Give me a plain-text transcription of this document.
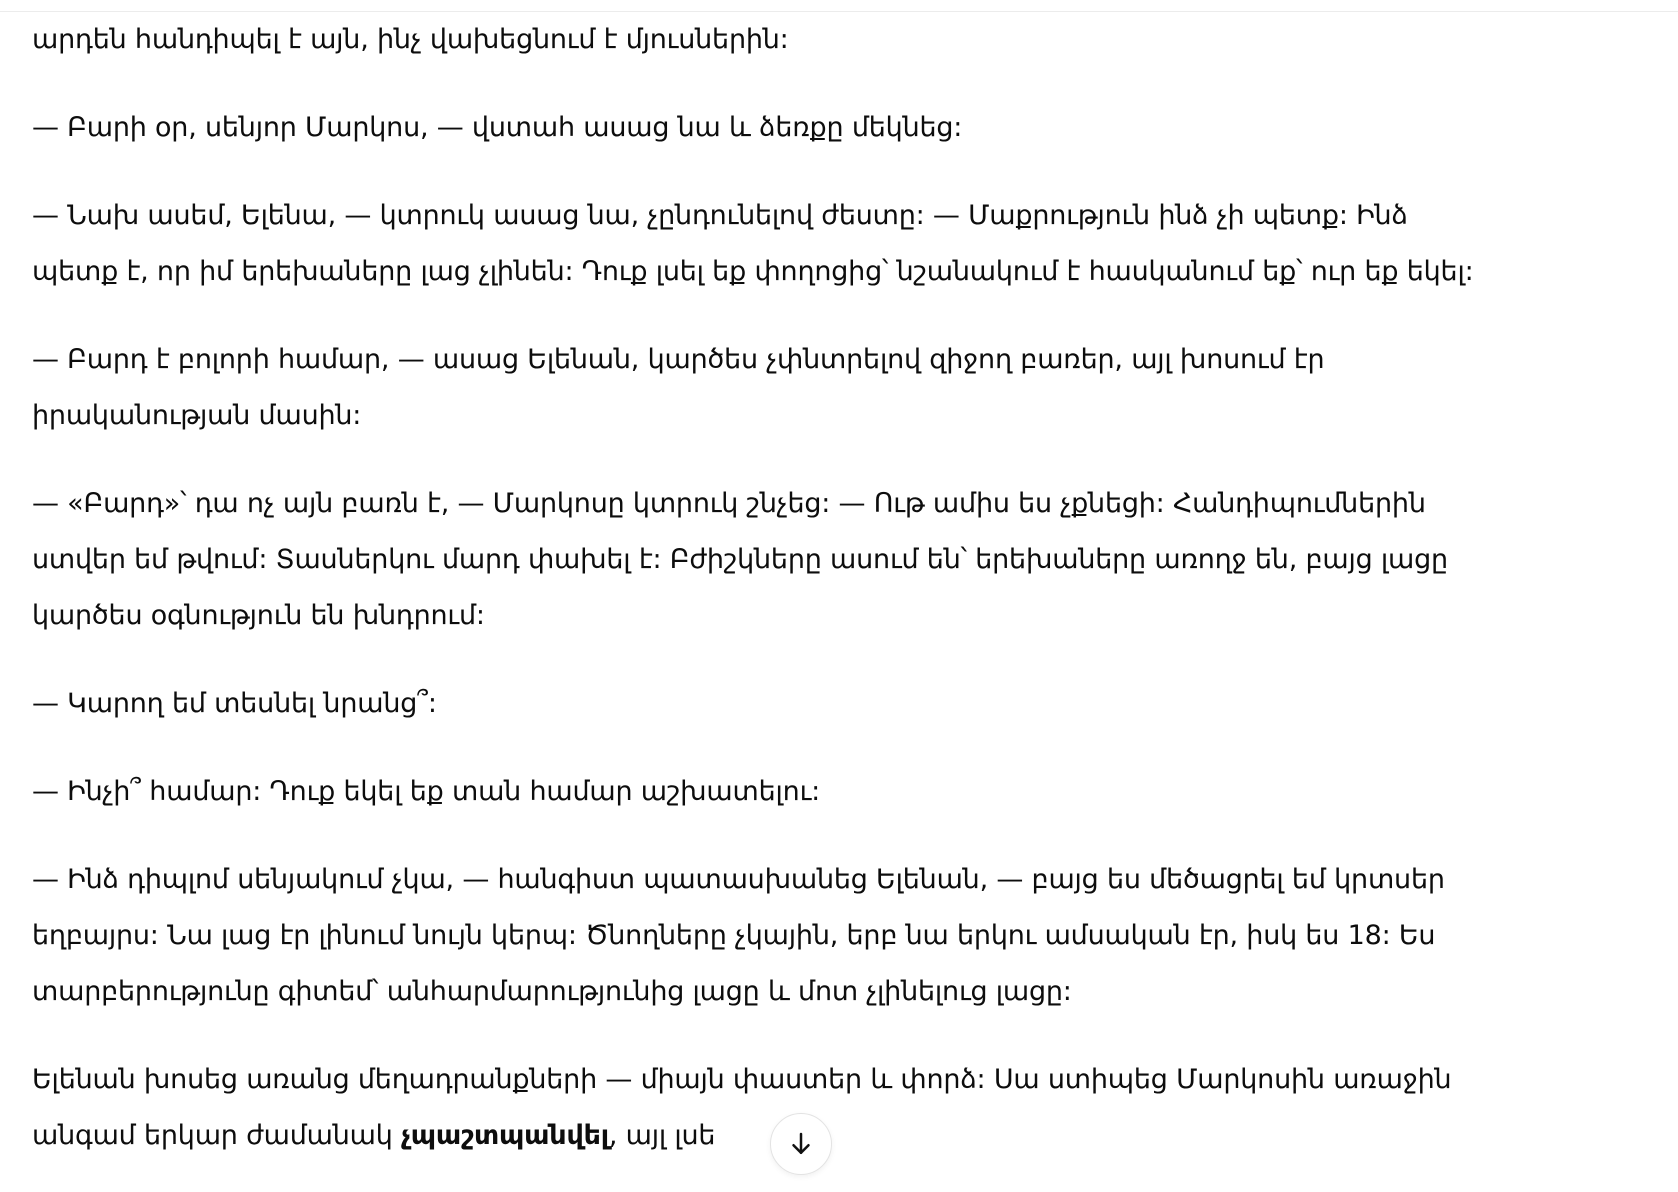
արդեն հանդիպել է այն, ինչ վախեցնում է մյուսներին:

— Բարի օր, սենյոր Մարկոս, — վստահ ասաց նա և ձեռքը մեկնեց:

— Նախ ասեմ, Ելենա, — կտրուկ ասաց նա, չընդունելով ժեստը: — Մաքրություն ինձ չի պետք: Ինձ
պետք է, որ իմ երեխաները լաց չլինեն: Դուք լսել եք փողոցից՝ նշանակում է հասկանում եք՝ ուր եք եկել:

— Բարդ է բոլորի համար, — ասաց Ելենան, կարծես չփնտրելով զիջող բառեր, այլ խոսում էր
իրականության մասին:

— «Բարդ»՝ դա ոչ այն բառն է, — Մարկոսը կտրուկ շնչեց: — Ութ ամիս ես չքնեցի: Հանդիպումներին
ստվեր եմ թվում: Տասներկու մարդ փախել է: Բժիշկները ասում են՝ երեխաները առողջ են, բայց լացը
կարծես օգնություն են խնդրում:

— Կարող եմ տեսնել նրանց՞:

— Ինչի՞ համար: Դուք եկել եք տան համար աշխատելու:

— Ինձ դիպլոմ սենյակում չկա, — հանգիստ պատասխանեց Ելենան, — բայց ես մեծացրել եմ կրտսեր
եղբայրս: Նա լաց էր լինում նույն կերպ: Ծնողները չկային, երբ նա երկու ամսական էր, իսկ ես 18: Ես
տարբերությունը գիտեմ՝ անհարմարությունից լացը և մոտ չլինելուց լացը:

Ելենան խոսեց առանց մեղադրանքների — միայն փաստեր և փորձ: Սա ստիպեց Մարկոսին առաջին
անգամ երկար ժամանակ չպաշտպանվել, այլ լսե
